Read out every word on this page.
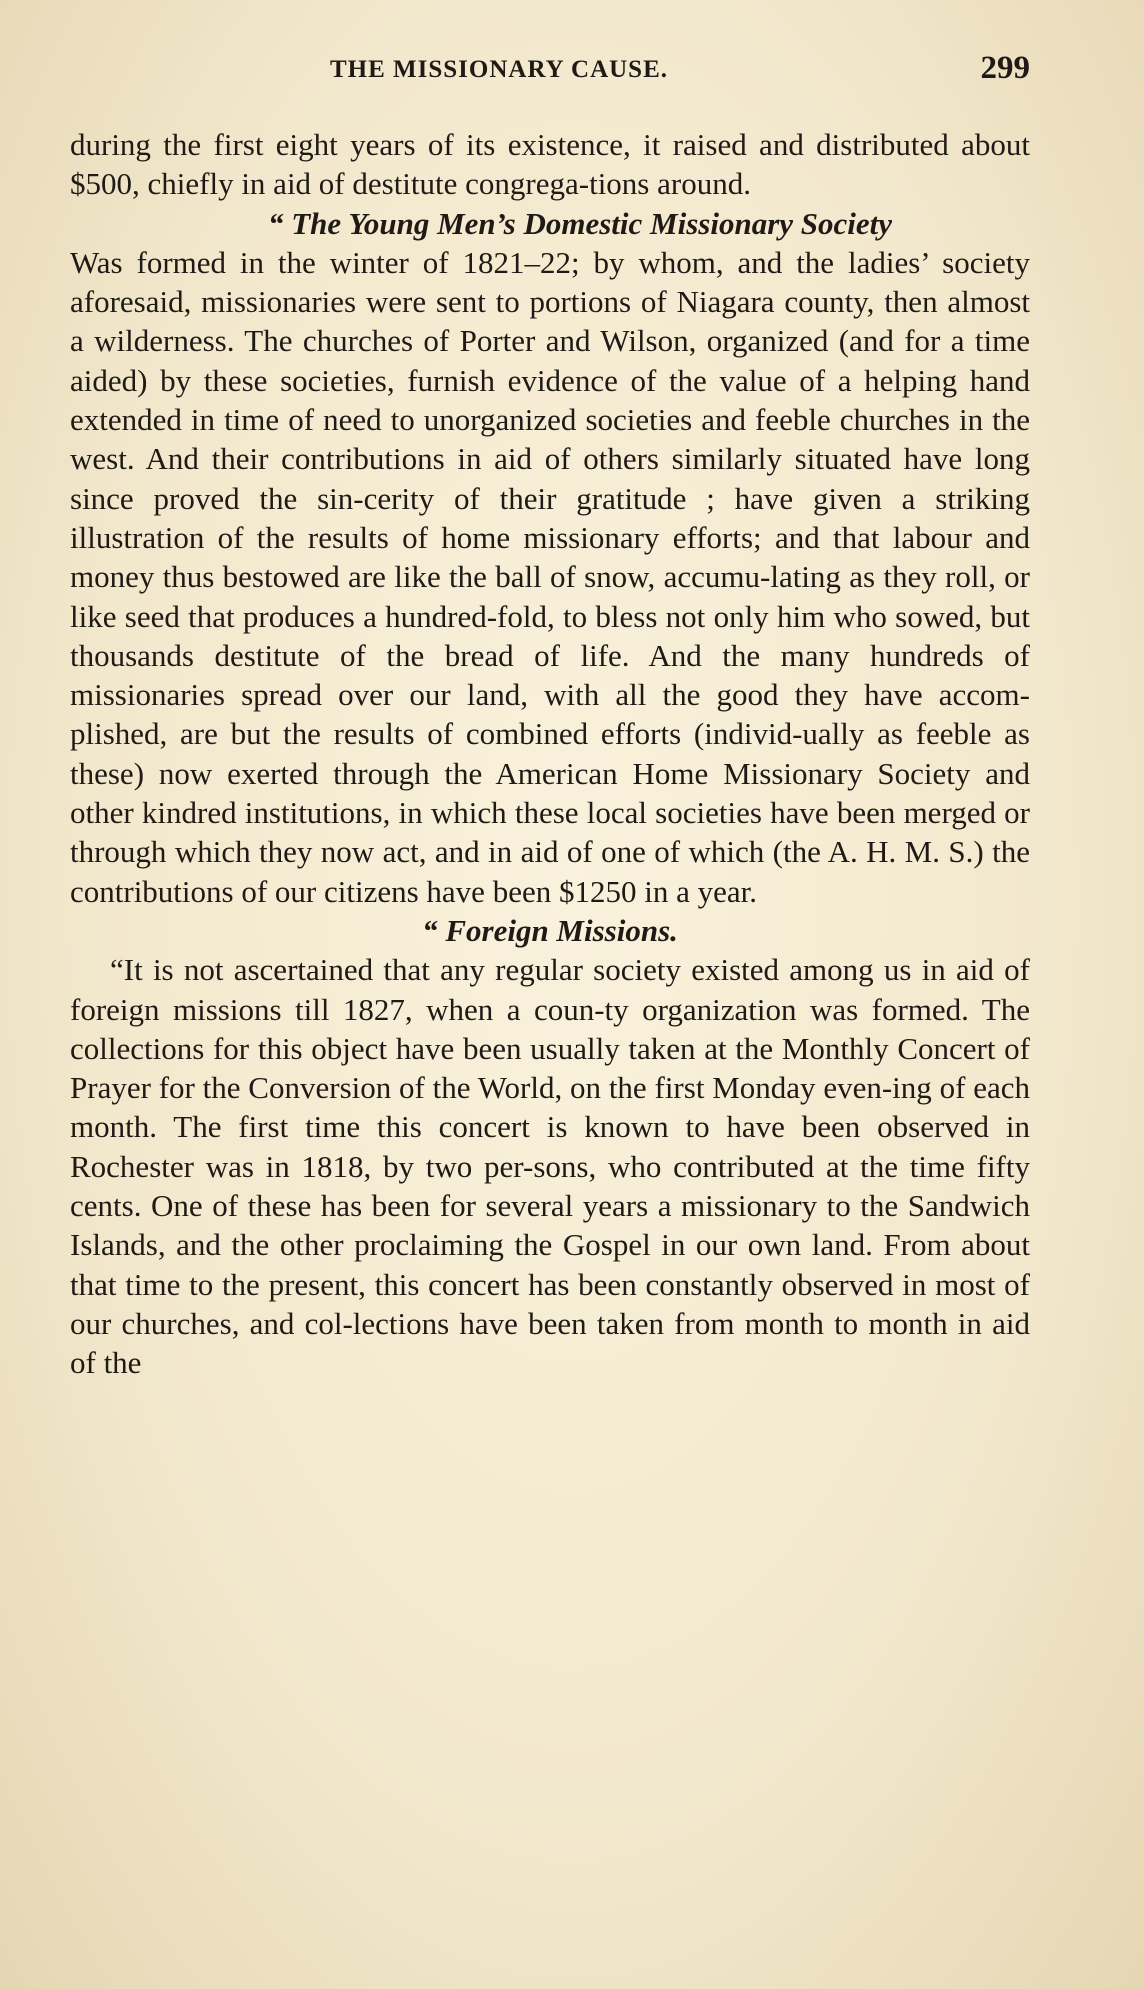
THE MISSIONARY CAUSE.	299

during the first eight years of its existence, it raised and distributed about $500, chiefly in aid of destitute congrega-tions around.

“ The Young Men’s Domestic Missionary Society

Was formed in the winter of 1821–22; by whom, and the ladies’ society aforesaid, missionaries were sent to portions of Niagara county, then almost a wilderness. The churches of Porter and Wilson, organized (and for a time aided) by these societies, furnish evidence of the value of a helping hand extended in time of need to unorganized societies and feeble churches in the west. And their contributions in aid of others similarly situated have long since proved the sin-cerity of their gratitude ; have given a striking illustration of the results of home missionary efforts; and that labour and money thus bestowed are like the ball of snow, accumu-lating as they roll, or like seed that produces a hundred-fold, to bless not only him who sowed, but thousands destitute of the bread of life. And the many hundreds of missionaries spread over our land, with all the good they have accom-plished, are but the results of combined efforts (individ-ually as feeble as these) now exerted through the American Home Missionary Society and other kindred institutions, in which these local societies have been merged or through which they now act, and in aid of one of which (the A. H. M. S.) the contributions of our citizens have been $1250 in a year.

“ Foreign Missions.

“It is not ascertained that any regular society existed among us in aid of foreign missions till 1827, when a coun-ty organization was formed. The collections for this object have been usually taken at the Monthly Concert of Prayer for the Conversion of the World, on the first Monday even-ing of each month. The first time this concert is known to have been observed in Rochester was in 1818, by two per-sons, who contributed at the time fifty cents. One of these has been for several years a missionary to the Sandwich Islands, and the other proclaiming the Gospel in our own land. From about that time to the present, this concert has been constantly observed in most of our churches, and col-lections have been taken from month to month in aid of the
